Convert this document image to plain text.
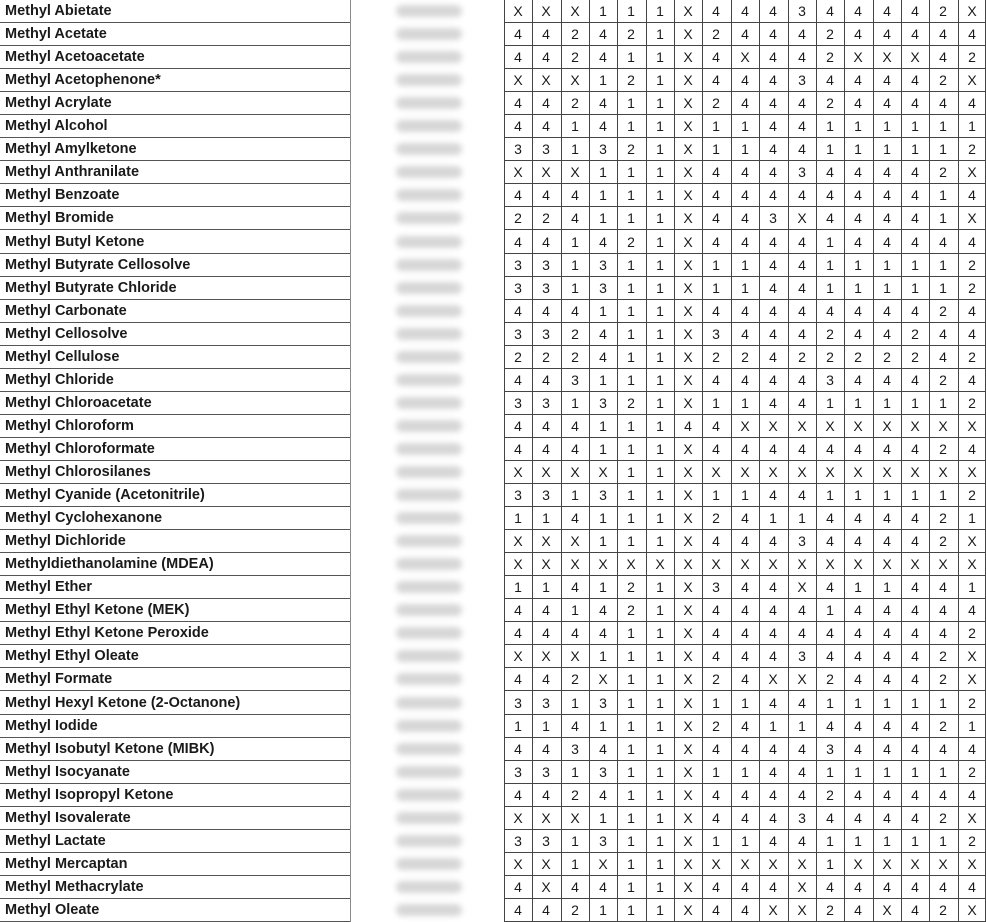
Methyl Abietate	X	X	X	1	1	1	X	4	4	4	3	4	4	4	4	2	X
Methyl Acetate	4	4	2	4	2	1	X	2	4	4	4	2	4	4	4	4	4
Methyl Acetoacetate	4	4	2	4	1	1	X	4	X	4	4	2	X	X	X	4	2
Methyl Acetophenone*	X	X	X	1	2	1	X	4	4	4	3	4	4	4	4	2	X
Methyl Acrylate	4	4	2	4	1	1	X	2	4	4	4	2	4	4	4	4	4
Methyl Alcohol	4	4	1	4	1	1	X	1	1	4	4	1	1	1	1	1	1
Methyl Amylketone	3	3	1	3	2	1	X	1	1	4	4	1	1	1	1	1	2
Methyl Anthranilate	X	X	X	1	1	1	X	4	4	4	3	4	4	4	4	2	X
Methyl Benzoate	4	4	4	1	1	1	X	4	4	4	4	4	4	4	4	1	4
Methyl Bromide	2	2	4	1	1	1	X	4	4	3	X	4	4	4	4	1	X
Methyl Butyl Ketone	4	4	1	4	2	1	X	4	4	4	4	1	4	4	4	4	4
Methyl Butyrate Cellosolve	3	3	1	3	1	1	X	1	1	4	4	1	1	1	1	1	2
Methyl Butyrate Chloride	3	3	1	3	1	1	X	1	1	4	4	1	1	1	1	1	2
Methyl Carbonate	4	4	4	1	1	1	X	4	4	4	4	4	4	4	4	2	4
Methyl Cellosolve	3	3	2	4	1	1	X	3	4	4	4	2	4	4	2	4	4
Methyl Cellulose	2	2	2	4	1	1	X	2	2	4	2	2	2	2	2	4	2
Methyl Chloride	4	4	3	1	1	1	X	4	4	4	4	3	4	4	4	2	4
Methyl Chloroacetate	3	3	1	3	2	1	X	1	1	4	4	1	1	1	1	1	2
Methyl Chloroform	4	4	4	1	1	1	4	4	X	X	X	X	X	X	X	X	X
Methyl Chloroformate	4	4	4	1	1	1	X	4	4	4	4	4	4	4	4	2	4
Methyl Chlorosilanes	X	X	X	X	1	1	X	X	X	X	X	X	X	X	X	X	X
Methyl Cyanide (Acetonitrile)	3	3	1	3	1	1	X	1	1	4	4	1	1	1	1	1	2
Methyl Cyclohexanone	1	1	4	1	1	1	X	2	4	1	1	4	4	4	4	2	1
Methyl Dichloride	X	X	X	1	1	1	X	4	4	4	3	4	4	4	4	2	X
Methyldiethanolamine (MDEA)	X	X	X	X	X	X	X	X	X	X	X	X	X	X	X	X	X
Methyl Ether	1	1	4	1	2	1	X	3	4	4	X	4	1	1	4	4	1
Methyl Ethyl Ketone (MEK)	4	4	1	4	2	1	X	4	4	4	4	1	4	4	4	4	4
Methyl Ethyl Ketone Peroxide	4	4	4	4	1	1	X	4	4	4	4	4	4	4	4	4	2
Methyl Ethyl Oleate	X	X	X	1	1	1	X	4	4	4	3	4	4	4	4	2	X
Methyl Formate	4	4	2	X	1	1	X	2	4	X	X	2	4	4	4	2	X
Methyl Hexyl Ketone (2-Octanone)	3	3	1	3	1	1	X	1	1	4	4	1	1	1	1	1	2
Methyl Iodide	1	1	4	1	1	1	X	2	4	1	1	4	4	4	4	2	1
Methyl Isobutyl Ketone (MIBK)	4	4	3	4	1	1	X	4	4	4	4	3	4	4	4	4	4
Methyl Isocyanate	3	3	1	3	1	1	X	1	1	4	4	1	1	1	1	1	2
Methyl Isopropyl Ketone	4	4	2	4	1	1	X	4	4	4	4	2	4	4	4	4	4
Methyl Isovalerate	X	X	X	1	1	1	X	4	4	4	3	4	4	4	4	2	X
Methyl Lactate	3	3	1	3	1	1	X	1	1	4	4	1	1	1	1	1	2
Methyl Mercaptan	X	X	1	X	1	1	X	X	X	X	X	1	X	X	X	X	X
Methyl Methacrylate	4	X	4	4	1	1	X	4	4	4	X	4	4	4	4	4	4
Methyl Oleate	4	4	2	1	1	1	X	4	4	X	X	2	4	X	4	2	X
